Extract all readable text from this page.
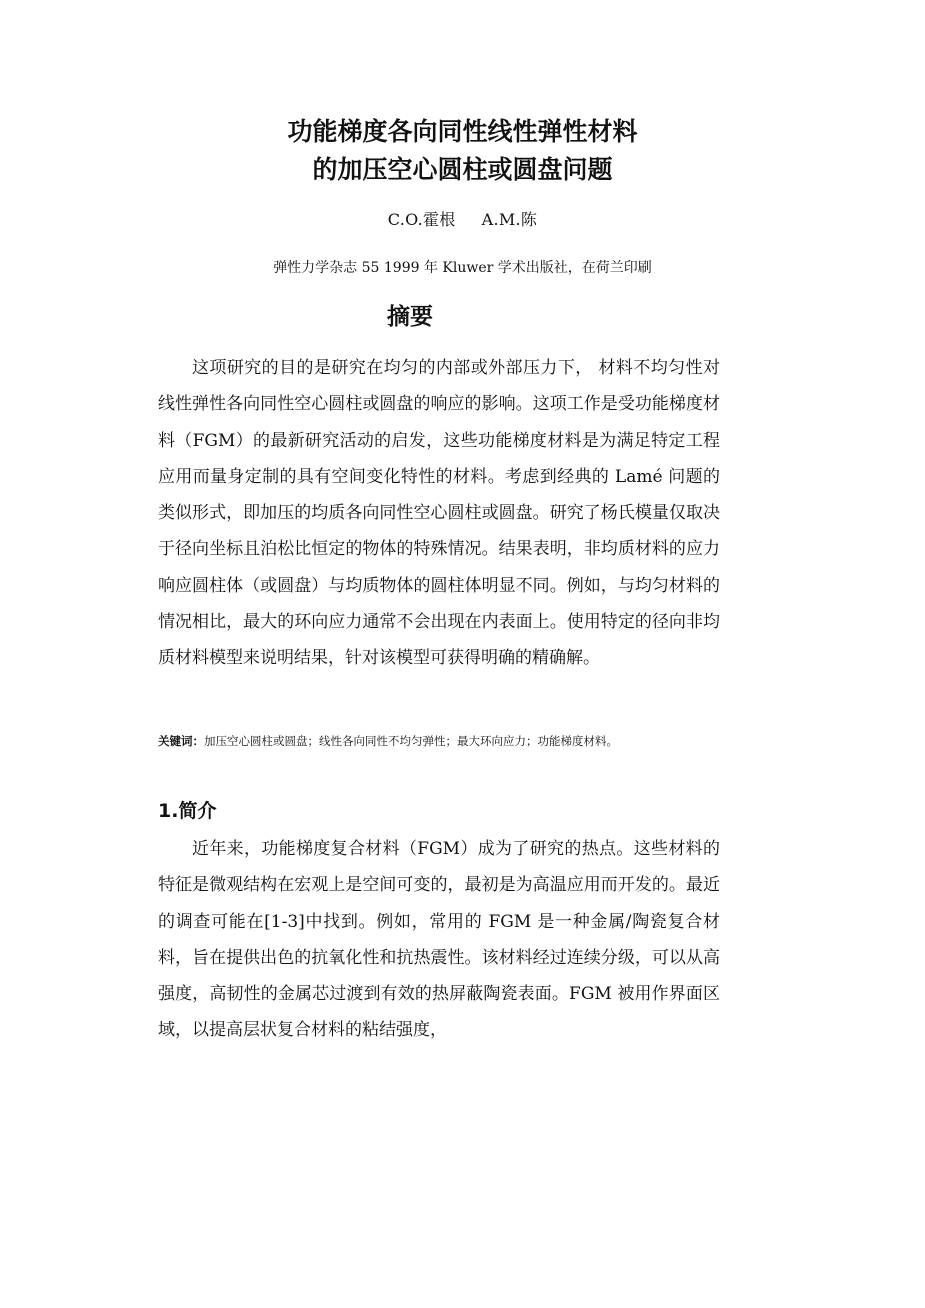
功能梯度各向同性线性弹性材料
的加压空心圆柱或圆盘问题
C.O.霍根 A.M.陈
弹性力学杂志 55 1999 年 Kluwer 学术出版社，在荷兰印刷
摘要

这项研究的目的是研究在均匀的内部或外部压力下， 材料不均匀性对线性弹性各向同性空心圆柱或圆盘的响应的影响。这项工作是受功能梯度材料（FGM）的最新研究活动的启发，这些功能梯度材料是为满足特定工程应用而量身定制的具有空间变化特性的材料。考虑到经典的 Lamé 问题的类似形式，即加压的均质各向同性空心圆柱或圆盘。研究了杨氏模量仅取决于径向坐标且泊松比恒定的物体的特殊情况。结果表明，非均质材料的应力响应圆柱体（或圆盘）与均质物体的圆柱体明显不同。例如，与均匀材料的情况相比，最大的环向应力通常不会出现在内表面上。使用特定的径向非均质材料模型来说明结果，针对该模型可获得明确的精确解。

关键词：加压空心圆柱或圆盘；线性各向同性不均匀弹性；最大环向应力；功能梯度材料。
1.简介

近年来，功能梯度复合材料（FGM）成为了研究的热点。这些材料的特征是微观结构在宏观上是空间可变的，最初是为高温应用而开发的。最近的调查可能在[1-3]中找到。例如，常用的 FGM 是一种金属/陶瓷复合材料，旨在提供出色的抗氧化性和抗热震性。该材料经过连续分级，可以从高强度，高韧性的金属芯过渡到有效的热屏蔽陶瓷表面。FGM 被用作界面区域，以提高层状复合材料的粘结强度，
